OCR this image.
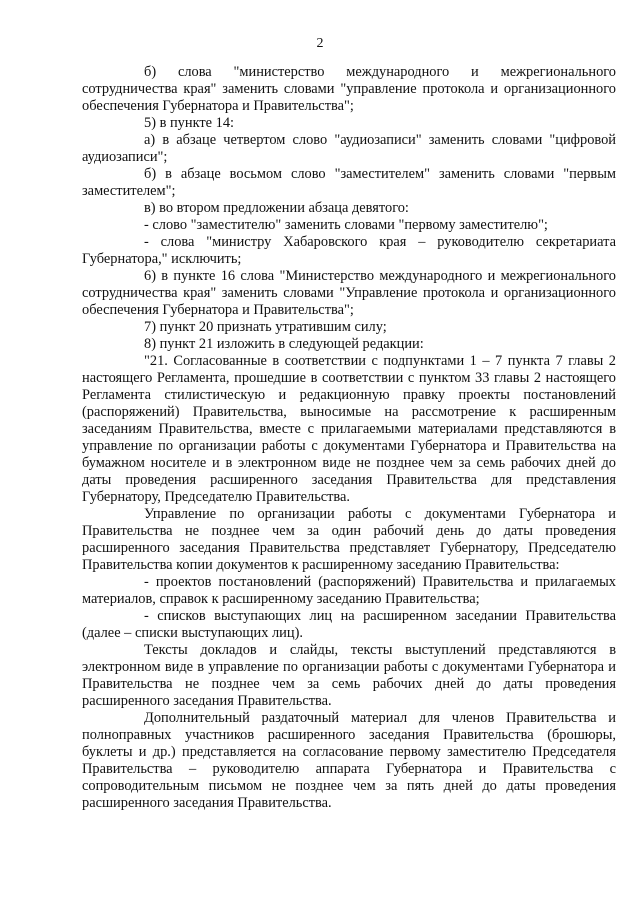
2

б) слова "министерство международного и межрегионального сотрудничества края" заменить словами "управление протокола и организационного обеспечения Губернатора и Правительства";

5) в пункте 14:

а) в абзаце четвертом слово "аудиозаписи" заменить словами "цифровой аудиозаписи";

б) в абзаце восьмом слово "заместителем" заменить словами "первым заместителем";

в) во втором предложении абзаца девятого:

- слово "заместителю" заменить словами "первому заместителю";

- слова "министру Хабаровского края – руководителю секретариата Губернатора," исключить;

6) в пункте 16 слова "Министерство международного и межрегионального сотрудничества края" заменить словами "Управление протокола и организационного обеспечения Губернатора и Правительства";

7) пункт 20 признать утратившим силу;

8) пункт 21 изложить в следующей редакции:

"21. Согласованные в соответствии с подпунктами 1 – 7 пункта 7 главы 2 настоящего Регламента, прошедшие в соответствии с пунктом 33 главы 2 настоящего Регламента стилистическую и редакционную правку проекты постановлений (распоряжений) Правительства, выносимые на рассмотрение к расширенным заседаниям Правительства, вместе с прилагаемыми материалами представляются в управление по организации работы с документами Губернатора и Правительства на бумажном носителе и в электронном виде не позднее чем за семь рабочих дней до даты проведения расширенного заседания Правительства для представления Губернатору, Председателю Правительства.

Управление по организации работы с документами Губернатора и Правительства не позднее чем за один рабочий день до даты проведения расширенного заседания Правительства представляет Губернатору, Председателю Правительства копии документов к расширенному заседанию Правительства:

- проектов постановлений (распоряжений) Правительства и прилагаемых материалов, справок к расширенному заседанию Правительства;

- списков выступающих лиц на расширенном заседании Правительства (далее – списки выступающих лиц).

Тексты докладов и слайды, тексты выступлений представляются в электронном виде в управление по организации работы с документами Губернатора и Правительства не позднее чем за семь рабочих дней до даты проведения расширенного заседания Правительства.

Дополнительный раздаточный материал для членов Правительства и полноправных участников расширенного заседания Правительства (брошюры, буклеты и др.) представляется на согласование первому заместителю Председателя Правительства – руководителю аппарата Губернатора и Правительства с сопроводительным письмом не позднее чем за пять дней до даты проведения расширенного заседания Правительства.
